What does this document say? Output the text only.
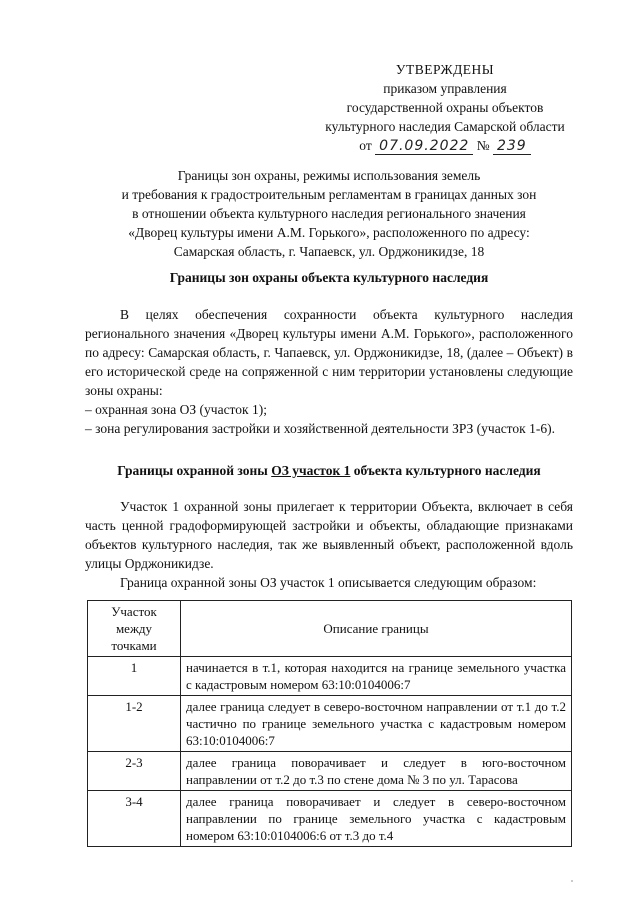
УТВЕРЖДЕНЫ
приказом управления
государственной охраны объектов
культурного наследия Самарской области
от 07.09.2022 № 239
Границы зон охраны, режимы использования земель
и требования к градостроительным регламентам в границах данных зон
в отношении объекта культурного наследия регионального значения
«Дворец культуры имени А.М. Горького», расположенного по адресу:
Самарская область, г. Чапаевск, ул. Орджоникидзе, 18
Границы зон охраны объекта культурного наследия
В целях обеспечения сохранности объекта культурного наследия регионального значения «Дворец культуры имени А.М. Горького», расположенного по адресу: Самарская область, г. Чапаевск, ул. Орджоникидзе, 18, (далее – Объект) в его исторической среде на сопряженной с ним территории установлены следующие зоны охраны:
– охранная зона ОЗ (участок 1);
– зона регулирования застройки и хозяйственной деятельности ЗРЗ (участок 1-6).
Границы охранной зоны ОЗ участок 1 объекта культурного наследия
Участок 1 охранной зоны прилегает к территории Объекта, включает в себя часть ценной градоформирующей застройки и объекты, обладающие признаками объектов культурного наследия, так же выявленный объект, расположенной вдоль улицы Орджоникидзе.
Граница охранной зоны ОЗ участок 1 описывается следующим образом:
Участок между точками	Описание границы
1	начинается в т.1, которая находится на границе земельного участка с кадастровым номером 63:10:0104006:7
1-2	далее граница следует в северо-восточном направлении от т.1 до т.2 частично по границе земельного участка с кадастровым номером 63:10:0104006:7
2-3	далее граница поворачивает и следует в юго-восточном направлении от т.2 до т.3 по стене дома № 3 по ул. Тарасова
3-4	далее граница поворачивает и следует в северо-восточном направлении по границе земельного участка с кадастровым номером 63:10:0104006:6 от т.3 до т.4
